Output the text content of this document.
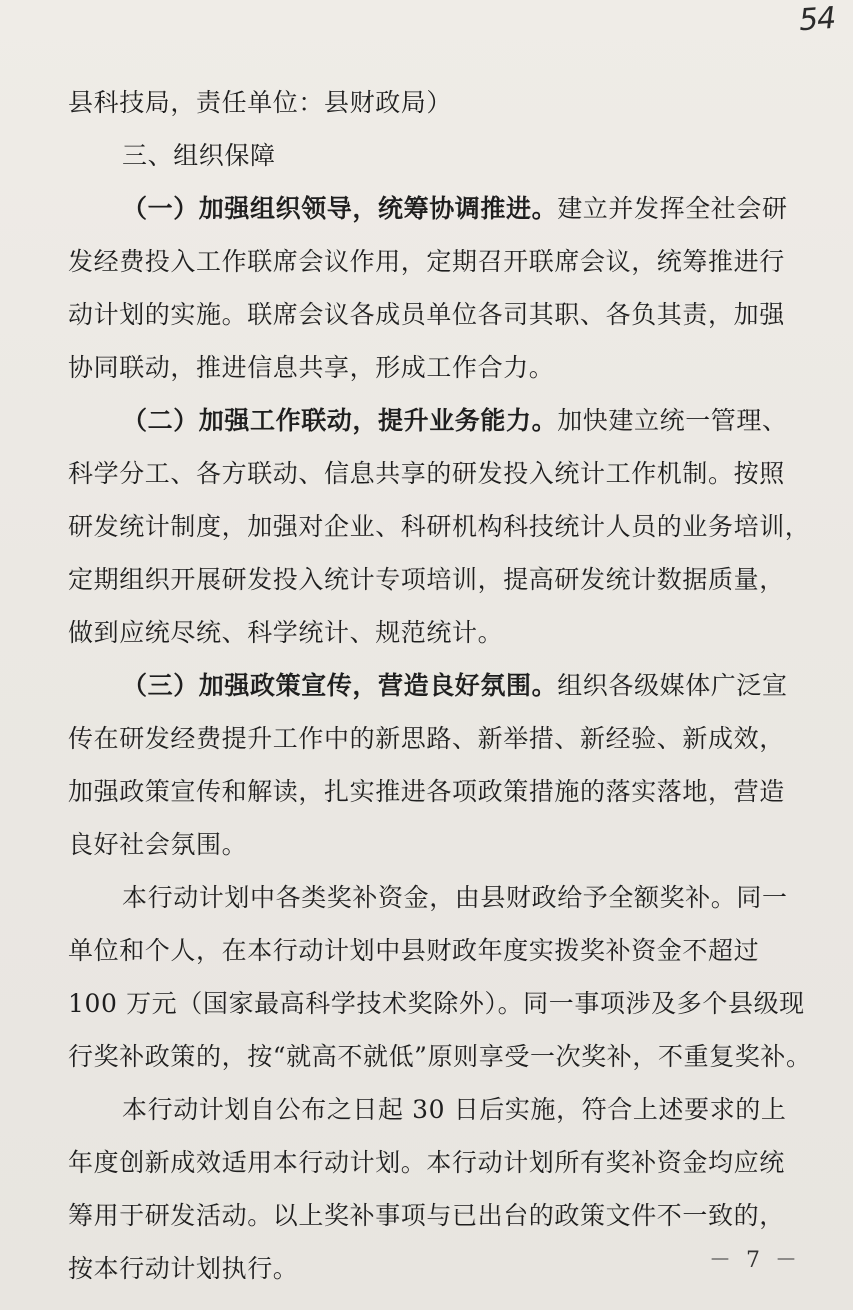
54
县科技局，责任单位：县财政局）
三、组织保障
（一）加强组织领导，统筹协调推进。建立并发挥全社会研
发经费投入工作联席会议作用，定期召开联席会议，统筹推进行
动计划的实施。联席会议各成员单位各司其职、各负其责，加强
协同联动，推进信息共享，形成工作合力。
（二）加强工作联动，提升业务能力。加快建立统一管理、
科学分工、各方联动、信息共享的研发投入统计工作机制。按照
研发统计制度，加强对企业、科研机构科技统计人员的业务培训，
定期组织开展研发投入统计专项培训，提高研发统计数据质量，
做到应统尽统、科学统计、规范统计。
（三）加强政策宣传，营造良好氛围。组织各级媒体广泛宣
传在研发经费提升工作中的新思路、新举措、新经验、新成效，
加强政策宣传和解读，扎实推进各项政策措施的落实落地，营造
良好社会氛围。
本行动计划中各类奖补资金，由县财政给予全额奖补。同一
单位和个人，在本行动计划中县财政年度实拨奖补资金不超过
100 万元（国家最高科学技术奖除外）。同一事项涉及多个县级现
行奖补政策的，按“就高不就低”原则享受一次奖补，不重复奖补。
本行动计划自公布之日起 30 日后实施，符合上述要求的上
年度创新成效适用本行动计划。本行动计划所有奖补资金均应统
筹用于研发活动。以上奖补事项与已出台的政策文件不一致的，
按本行动计划执行。	－ 7 －
